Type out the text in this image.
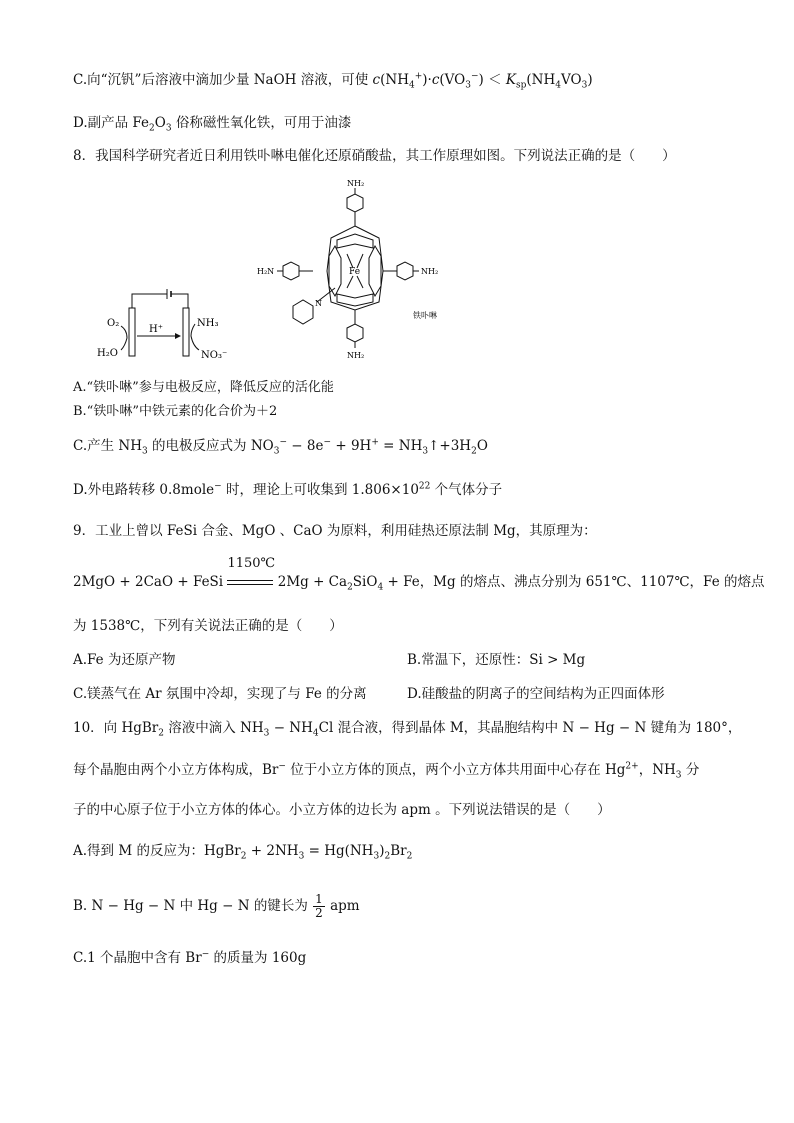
C.向“沉钒”后溶液中滴加少量 NaOH 溶液，可使 $c(NH_4^+)\cdot c(VO_3^-) < K_{sp}(NH_4VO_3)$
D.副产品 $Fe_2O_3$ 俗称磁性氧化铁，可用于油漆
8．我国科学研究者近日利用铁卟啉电催化还原硝酸盐，其工作原理如图。下列说法正确的是（　　）
O₂
H₂O
H⁺
NH₃
NO₃⁻
NH₂
NH₂
H₂N	NH₂
Fe
N
铁卟啉
A.“铁卟啉”参与电极反应，降低反应的活化能
B.“铁卟啉”中铁元素的化合价为＋2
C.产生 $NH_3$ 的电极反应式为 $NO_3^- - 8e^- + 9H^+$ = $NH_3↑+3H_2O$
D.外电路转移 0.8mole− 时，理论上可收集到 $1.806\times 10^{22}$ 个气体分子
9．工业上曾以 FeSi 合金、MgO 、CaO 为原料，利用硅热还原法制 Mg，其原理为：
2MgO + 2CaO + FeSi
1150℃
$2Mg + Ca_2SiO_4 + Fe$，Mg 的熔点、沸点分别为 651℃、1107℃，Fe 的熔点
为 1538℃，下列有关说法正确的是（　　）
A.Fe 为还原产物	B.常温下，还原性：Si > Mg
C.镁蒸气在 Ar 氛围中冷却，实现了与 Fe 的分离	D.硅酸盐的阴离子的空间结构为正四面体形
10．向 HgBr$_2$ 溶液中滴入 $NH_3 - NH_4Cl$ 混合液，得到晶体 M，其晶胞结构中 N − Hg − N 键角为 180°，
每个晶胞由两个小立方体构成，Br− 位于小立方体的顶点，两个小立方体共用面中心存在 $Hg^{2+}$，$NH_3$ 分
子的中心原子位于小立方体的体心。小立方体的边长为 apm 。下列说法错误的是（　　）
A.得到 M 的反应为：HgBr$_2$ + $2NH_3 = Hg(NH_3)_2Br_2$
B. N − Hg − N 中 Hg − N 的键长为 $\frac{1}{2}$ apm
C.1 个晶胞中含有 Br− 的质量为 160g
